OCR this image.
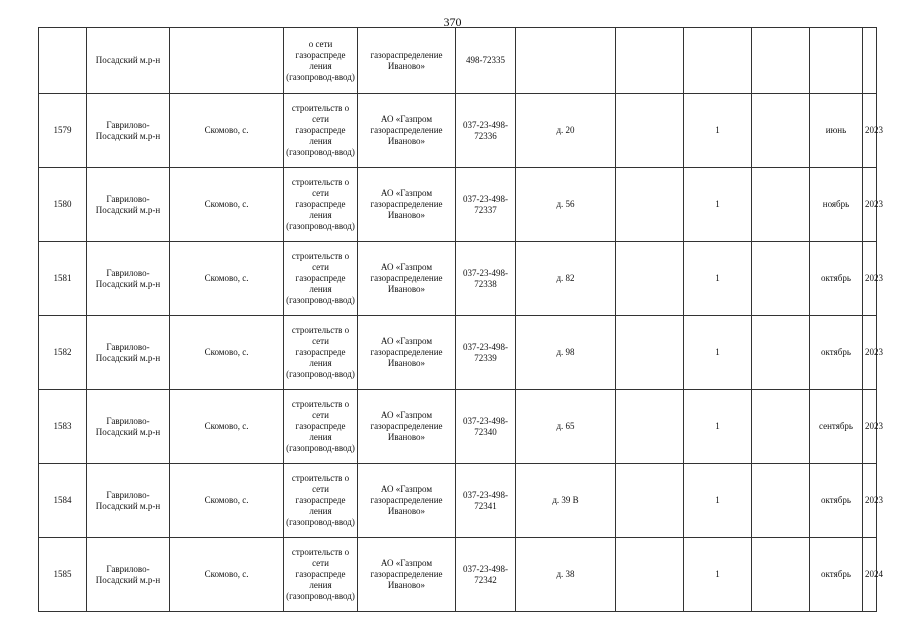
370
	Посадский м.р-н		о сети газораспреде ления (газопровод-ввод)	газораспределение Иваново»	498-72335						
1579	Гаврилово-Посадский м.р-н	Скомово, с.	строительств о сети газораспреде ления (газопровод-ввод)	АО «Газпром газораспределение Иваново»	037-23-498-72336	д. 20		1		июнь	2023
1580	Гаврилово-Посадский м.р-н	Скомово, с.	строительств о сети газораспреде ления (газопровод-ввод)	АО «Газпром газораспределение Иваново»	037-23-498-72337	д. 56		1		ноябрь	2023
1581	Гаврилово-Посадский м.р-н	Скомово, с.	строительств о сети газораспреде ления (газопровод-ввод)	АО «Газпром газораспределение Иваново»	037-23-498-72338	д. 82		1		октябрь	2023
1582	Гаврилово-Посадский м.р-н	Скомово, с.	строительств о сети газораспреде ления (газопровод-ввод)	АО «Газпром газораспределение Иваново»	037-23-498-72339	д. 98		1		октябрь	2023
1583	Гаврилово-Посадский м.р-н	Скомово, с.	строительств о сети газораспреде ления (газопровод-ввод)	АО «Газпром газораспределение Иваново»	037-23-498-72340	д. 65		1		сентябрь	2023
1584	Гаврилово-Посадский м.р-н	Скомово, с.	строительств о сети газораспреде ления (газопровод-ввод)	АО «Газпром газораспределение Иваново»	037-23-498-72341	д. 39 В		1		октябрь	2023
1585	Гаврилово-Посадский м.р-н	Скомово, с.	строительств о сети газораспреде ления (газопровод-ввод)	АО «Газпром газораспределение Иваново»	037-23-498-72342	д. 38		1		октябрь	2024
